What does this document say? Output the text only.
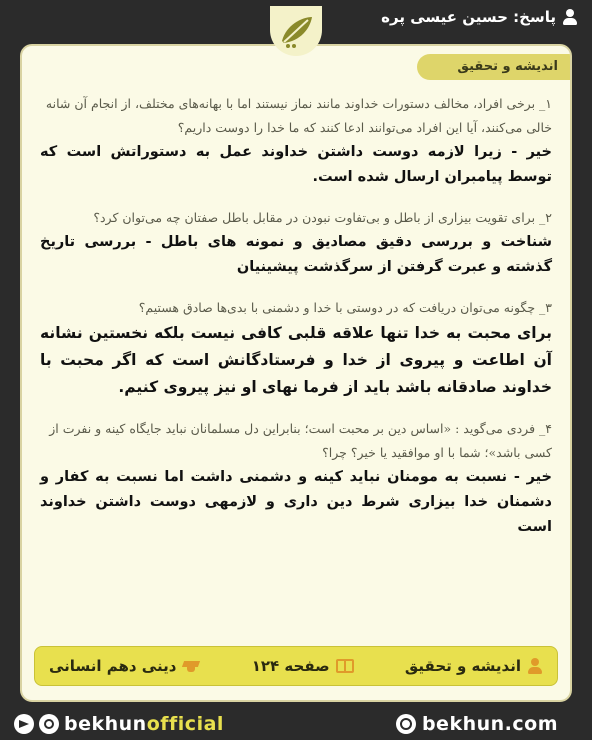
پاسخ: حسین عیسی پره
اندیشه و تحقیق
۱_ برخی افراد، مخالف دستورات خداوند مانند نماز نیستند اما با بهانه‌های مختلف، از انجام آن شانه خالی می‌کنند، آیا این افراد می‌توانند ادعا کنند که ما خدا را دوست داریم؟
خیر - زیرا لازمه دوست داشتن خداوند عمل به دستوراتش است که توسط پیامبران ارسال شده است.
۲_ برای تقویت بیزاری از باطل و بی‌تفاوت نبودن در مقابل باطل صفتان چه می‌توان کرد؟
شناخت و بررسی دقیق مصادیق و نمونه های باطل - بررسی تاریخ گذشته و عبرت گرفتن از سرگذشت پیشینیان
۳_ چگونه می‌توان دریافت که در دوستی با خدا و دشمنی با بدی‌ها صادق هستیم؟
برای محبت به خدا تنها علاقه قلبی کافی نیست بلکه نخستین نشانه آن اطاعت و پیروی از خدا و فرستادگانش است که اگر محبت با خداوند صادقانه باشد باید از فرما نهای او نیز پیروی کنیم.
۴_ فردی می‌گوید : «اساس دین بر محبت است؛ بنابراین دل مسلمانان نباید جایگاه کینه و نفرت از کسی باشد»؛ شما با او موافقید یا خیر؟ چرا؟
خیر - نسبت به مومنان نباید کینه و دشمنی داشت اما نسبت به کفار و دشمنان خدا بیزاری شرط دین داری و لازمهی دوست داشتن خداوند است
اندیشه و تحقیق
صفحه ۱۲۴
دینی دهم انسانی
bekhunofficial	bekhun.com
